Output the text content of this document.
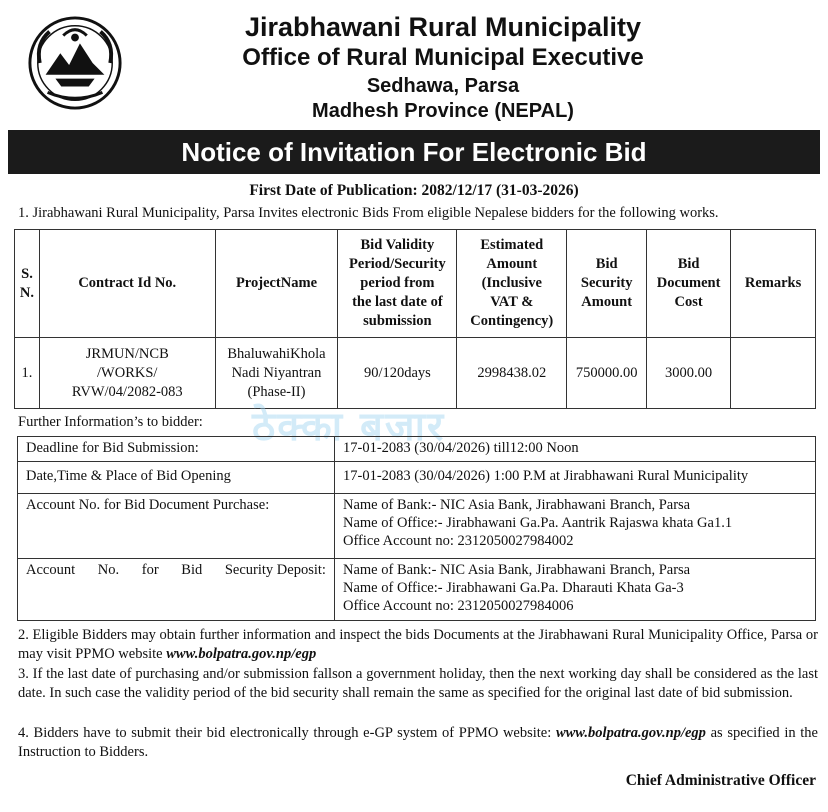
Jirabhawani Rural Municipality
Office of Rural Municipal Executive
Sedhawa, Parsa
Madhesh Province (NEPAL)
Notice of Invitation For Electronic Bid
First Date of Publication: 2082/12/17 (31-03-2026)
1. Jirabhawani Rural Municipality, Parsa Invites electronic Bids From eligible Nepalese bidders for the following works.
S.
N.	Contract Id No.	ProjectName	Bid Validity
Period/Security
period from
the last date of
submission	Estimated
Amount
(Inclusive
VAT &
Contingency)	Bid
Security
Amount	Bid
Document
Cost	Remarks
1.	JRMUN/NCB
/WORKS/
RVW/04/2082-083	BhaluwahiKhola
Nadi Niyantran
(Phase-II)	90/120days	2998438.02	750000.00	3000.00	
ठेक्का बजार
Further Information’s to bidder:
Deadline for Bid Submission:	17-01-2083 (30/04/2026) till12:00 Noon
Date,Time & Place of Bid Opening	17-01-2083 (30/04/2026) 1:00 P.M at Jirabhawani Rural Municipality
Account No. for Bid Document Purchase:	Name of Bank:- NIC Asia Bank, Jirabhawani Branch, Parsa
Name of Office:- Jirabhawani Ga.Pa. Aantrik Rajaswa khata Ga1.1
Office Account no: 2312050027984002

Account No. for Bid Security Deposit:	Name of Bank:- NIC Asia Bank, Jirabhawani Branch, Parsa
Name of Office:- Jirabhawani Ga.Pa. Dharauti Khata Ga-3
Office Account no: 2312050027984006
2. Eligible Bidders may obtain further information and inspect the bids Documents at the Jirabhawani Rural Municipality Office, Parsa or may visit PPMO website www.bolpatra.gov.np/egp
3. If the last date of purchasing and/or submission fallson a government holiday, then the next working day shall be considered as the last date. In such case the validity period of the bid security shall remain the same as specified for the original last date of bid submission.
4. Bidders have to submit their bid electronically through e-GP system of PPMO website: www.bolpatra.gov.np/egp as specified in the Instruction to Bidders.
Chief Administrative Officer
